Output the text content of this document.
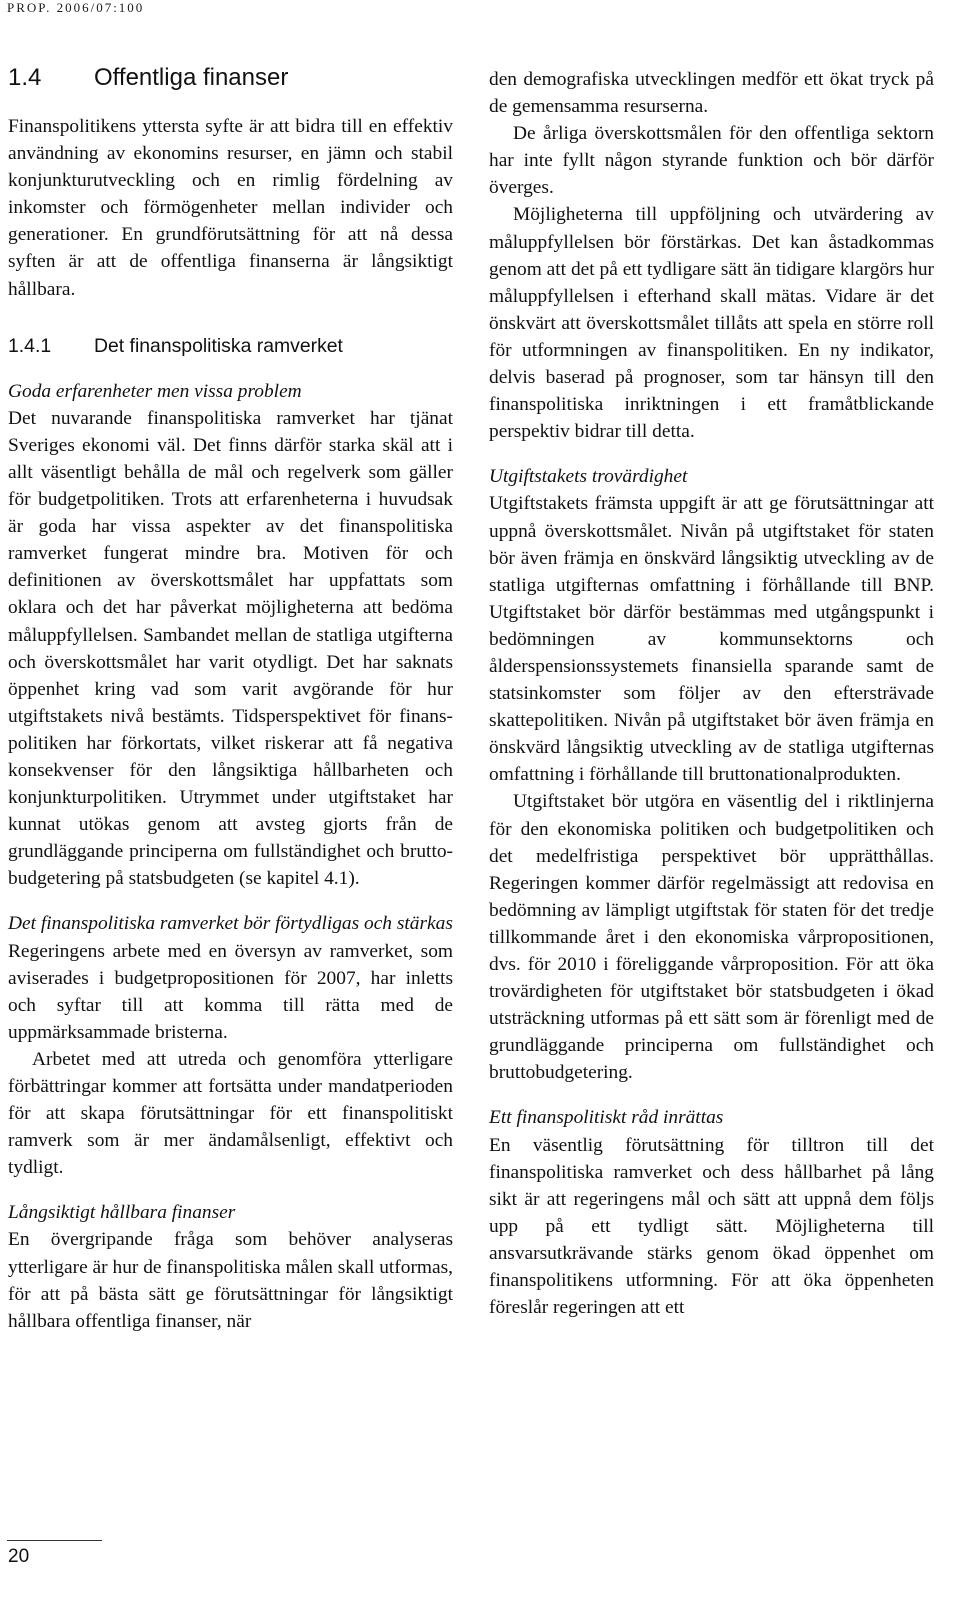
PROP. 2006/07:100
1.4	Offentliga finanser

Finanspolitikens yttersta syfte är att bidra till en effektiv användning av ekonomins resurser, en jämn och stabil konjunkturutveckling och en rimlig fördelning av inkomster och förmögenheter mellan individer och generationer. En grundförutsättning för att nå dessa syften är att de offentliga finanserna är långsiktigt hållbara.

1.4.1	Det finanspolitiska ramverket

Goda erfarenheter men vissa problem

Det nuvarande finanspolitiska ramverket har tjänat Sveriges ekonomi väl. Det finns därför starka skäl att i allt väsentligt behålla de mål och regelverk som gäller för budgetpolitiken. Trots att erfarenheterna i huvudsak är goda har vissa aspekter av det finanspolitiska ramverket fungerat mindre bra. Motiven för och definitionen av överskottsmålet har uppfattats som oklara och det har påverkat möjligheterna att bedöma måluppfyllelsen. Sambandet mellan de statliga utgifterna och överskottsmålet har varit otydligt. Det har saknats öppenhet kring vad som varit avgörande för hur utgiftstakets nivå bestämts. Tidsperspektivet för finanspolitiken har förkortats, vilket riskerar att få negativa konsekvenser för den långsiktiga hållbarheten och konjunkturpolitiken. Utrymmet under utgiftstaket har kunnat utökas genom att avsteg gjorts från de grundläggande principerna om fullständighet och bruttobudgetering på statsbudgeten (se kapitel 4.1).

Det finanspolitiska ramverket bör förtydligas och stärkas

Regeringens arbete med en översyn av ramverket, som aviserades i budgetpropositionen för 2007, har inletts och syftar till att komma till rätta med de uppmärksammade bristerna.

Arbetet med att utreda och genomföra ytterligare förbättringar kommer att fortsätta under mandatperioden för att skapa förutsättningar för ett finanspolitiskt ramverk som är mer ändamålsenligt, effektivt och tydligt.

Långsiktigt hållbara finanser

En övergripande fråga som behöver analyseras ytterligare är hur de finanspolitiska målen skall utformas, för att på bästa sätt ge förutsättningar för långsiktigt hållbara offentliga finanser, när

den demografiska utvecklingen medför ett ökat tryck på de gemensamma resurserna.

De årliga överskottsmålen för den offentliga sektorn har inte fyllt någon styrande funktion och bör därför överges.

Möjligheterna till uppföljning och utvärdering av måluppfyllelsen bör förstärkas. Det kan åstadkommas genom att det på ett tydligare sätt än tidigare klargörs hur måluppfyllelsen i efterhand skall mätas. Vidare är det önskvärt att överskottsmålet tillåts att spela en större roll för utformningen av finanspolitiken. En ny indikator, delvis baserad på prognoser, som tar hänsyn till den finanspolitiska inriktningen i ett framåtblickande perspektiv bidrar till detta.

Utgiftstakets trovärdighet

Utgiftstakets främsta uppgift är att ge förutsättningar att uppnå överskottsmålet. Nivån på utgiftstaket för staten bör även främja en önskvärd långsiktig utveckling av de statliga utgifternas omfattning i förhållande till BNP. Utgiftstaket bör därför bestämmas med utgångspunkt i bedömningen av kommunsektorns och ålderspensionssystemets finansiella sparande samt de statsinkomster som följer av den eftersträvade skattepolitiken. Nivån på utgiftstaket bör även främja en önskvärd långsiktig utveckling av de statliga utgifternas omfattning i förhållande till bruttonationalprodukten.

Utgiftstaket bör utgöra en väsentlig del i riktlinjerna för den ekonomiska politiken och budgetpolitiken och det medelfristiga perspektivet bör upprätthållas. Regeringen kommer därför regelmässigt att redovisa en bedömning av lämpligt utgiftstak för staten för det tredje tillkommande året i den ekonomiska vårpropositionen, dvs. för 2010 i föreliggande vårproposition. För att öka trovärdigheten för utgiftstaket bör statsbudgeten i ökad utsträckning utformas på ett sätt som är förenligt med de grundläggande principerna om fullständighet och bruttobudgetering.

Ett finanspolitiskt råd inrättas

En väsentlig förutsättning för tilltron till det finanspolitiska ramverket och dess hållbarhet på lång sikt är att regeringens mål och sätt att uppnå dem följs upp på ett tydligt sätt. Möjligheterna till ansvarsutkrävande stärks genom ökad öppenhet om finanspolitikens utformning. För att öka öppenheten föreslår regeringen att ett

20
